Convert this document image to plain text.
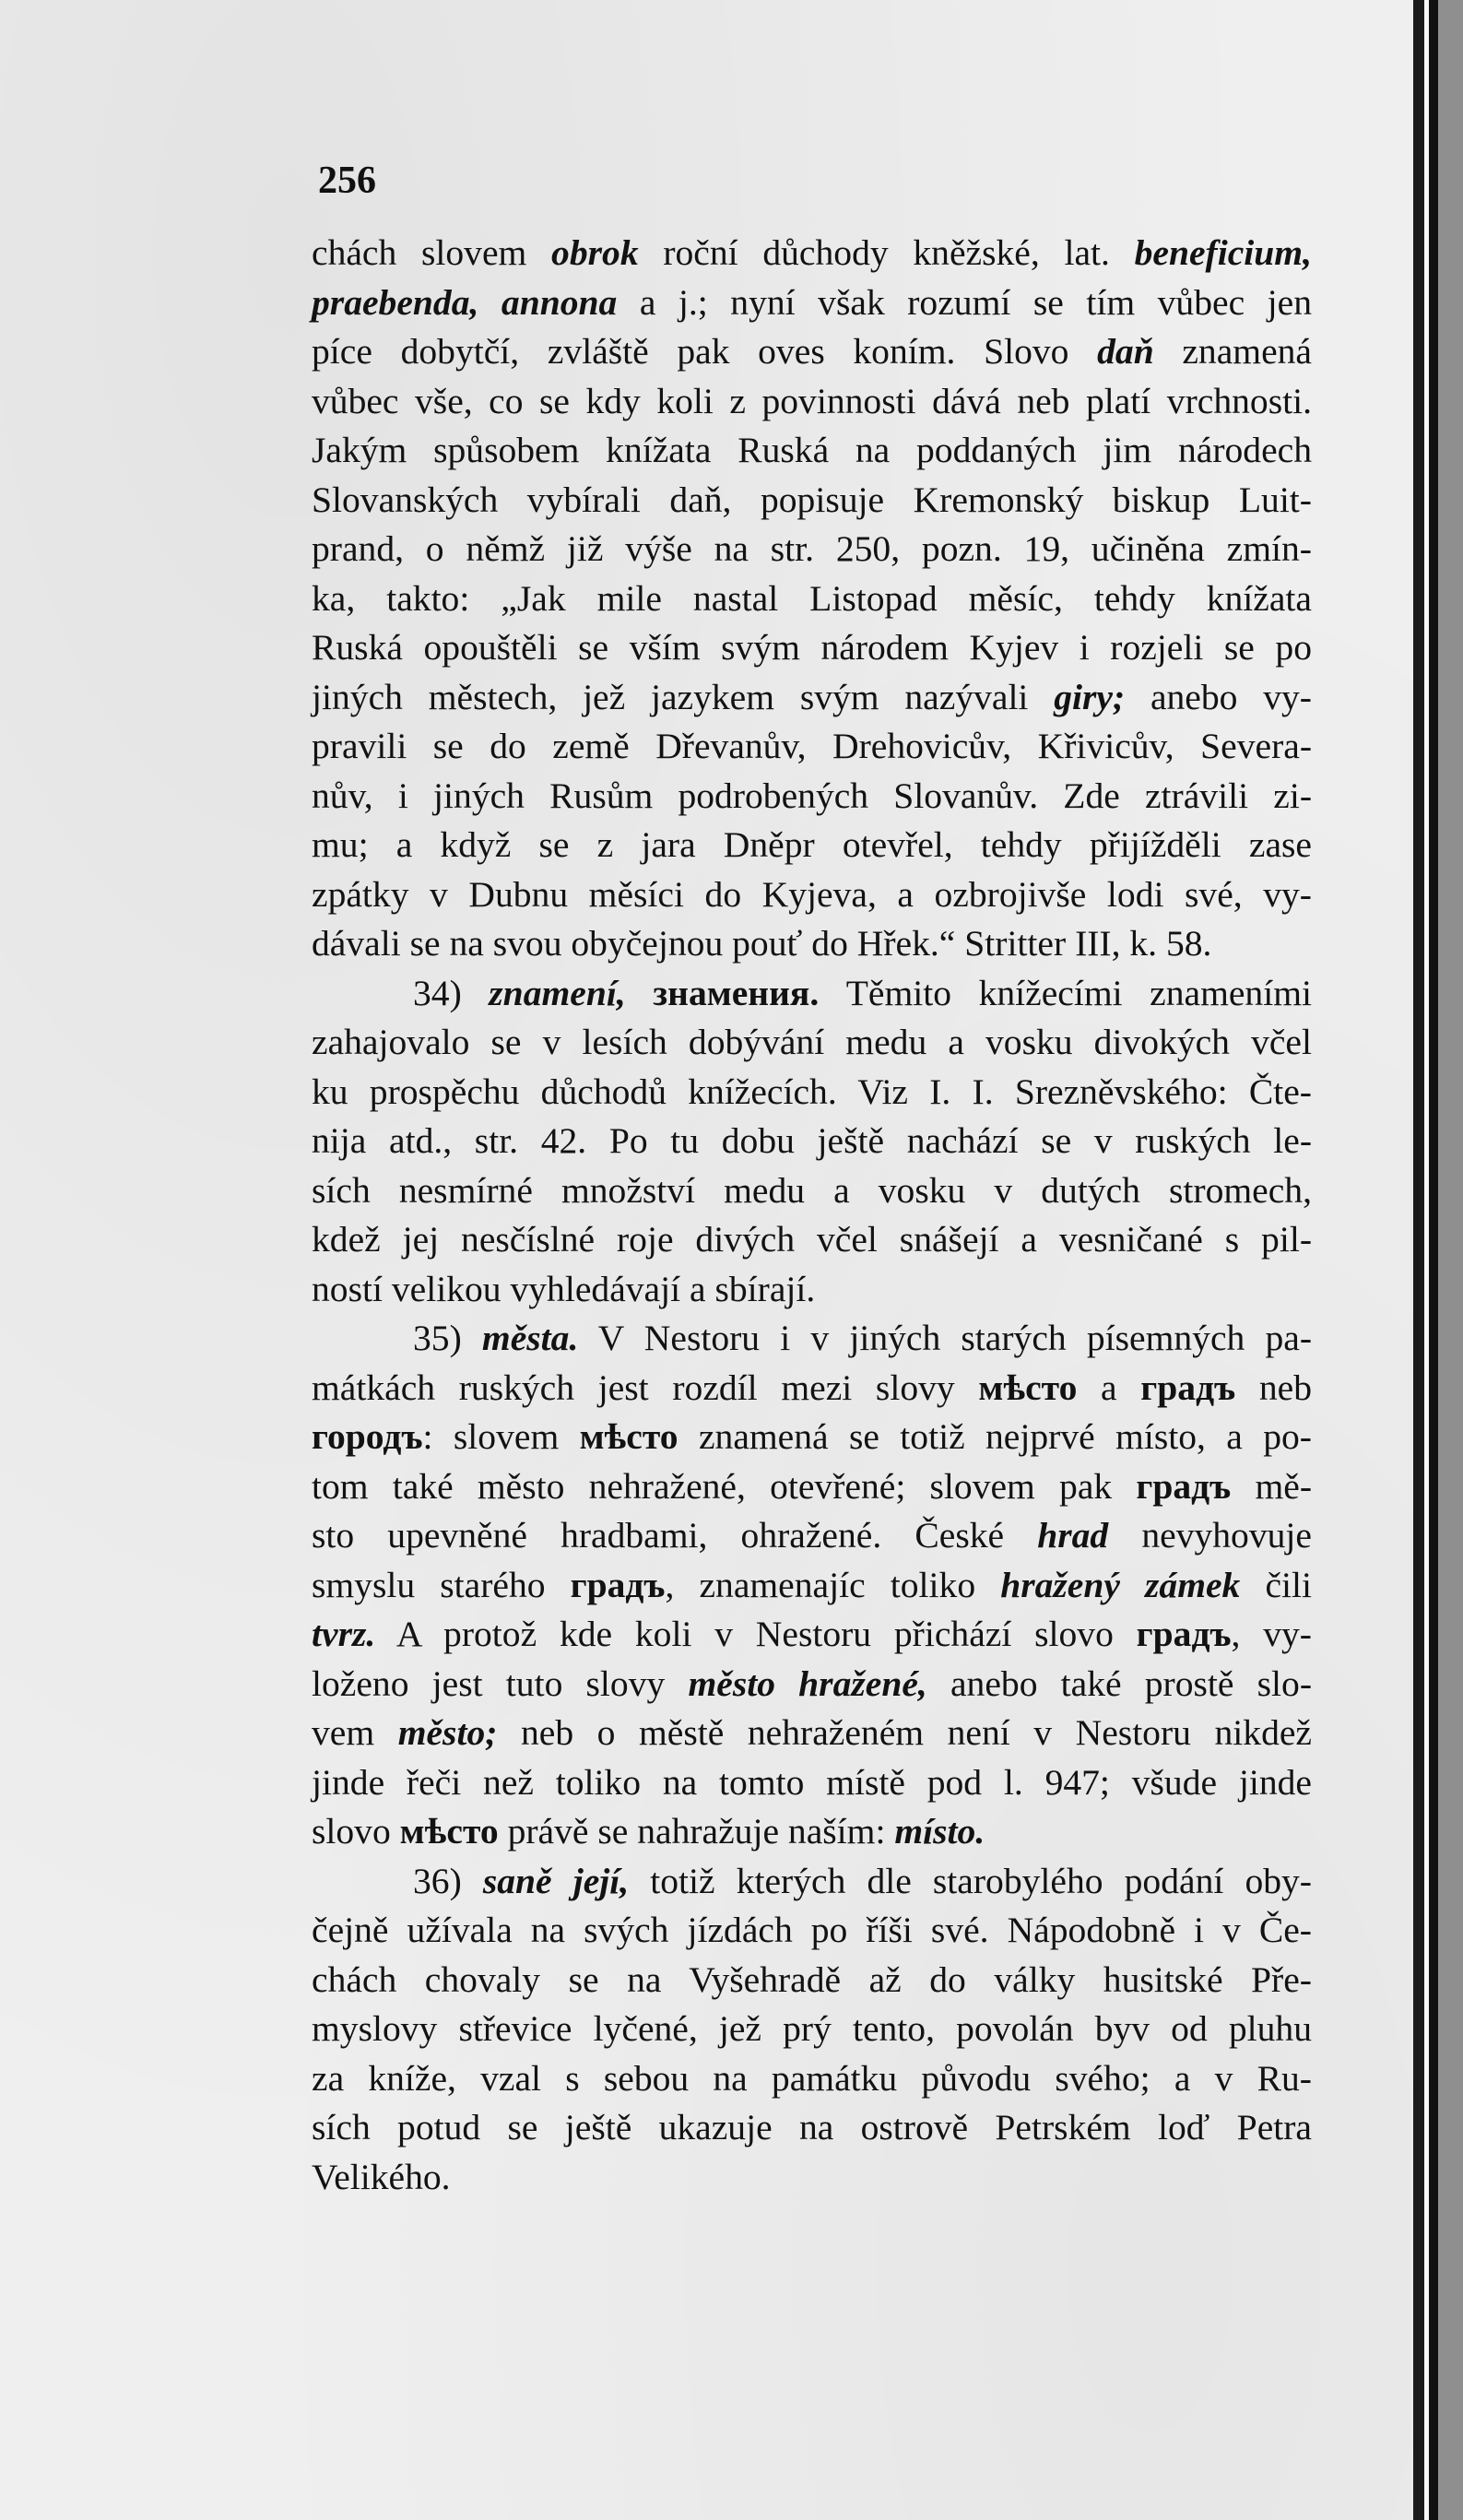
256
chách slovem obrok roční důchody kněžské, lat. beneficium,
praebenda, annona a j.; nyní však rozumí se tím vůbec jen
píce dobytčí, zvláště pak oves koním. Slovo daň znamená
vůbec vše, co se kdy koli z povinnosti dává neb platí vrchnosti.
Jakým spůsobem knížata Ruská na poddaných jim národech
Slovanských vybírali daň, popisuje Kremonský biskup Luit-
prand, o němž již výše na str. 250, pozn. 19, učiněna zmín-
ka, takto: „Jak mile nastal Listopad měsíc, tehdy knížata
Ruská opouštěli se vším svým národem Kyjev i rozjeli se po
jiných městech, jež jazykem svým nazývali giry; anebo vy-
pravili se do země Dřevanův, Drehovicův, Křivicův, Severa-
nův, i jiných Rusům podrobených Slovanův. Zde ztrávili zi-
mu; a když se z jara Dněpr otevřel, tehdy přijížděli zase
zpátky v Dubnu měsíci do Kyjeva, a ozbrojivše lodi své, vy-
dávali se na svou obyčejnou pouť do Hřek.“ Stritter III, k. 58.
34) znamení, знамения. Těmito knížecími znameními
zahajovalo se v lesích dobývání medu a vosku divokých včel
ku prospěchu důchodů knížecích. Viz I. I. Srezněvského: Čte-
nija atd., str. 42. Po tu dobu ještě nachází se v ruských le-
sích nesmírné množství medu a vosku v dutých stromech,
kdež jej nesčíslné roje divých včel snášejí a vesničané s pil-
ností velikou vyhledávají a sbírají.
35) města. V Nestoru i v jiných starých písemných pa-
mátkách ruských jest rozdíl mezi slovy мѣсто a градъ neb
городъ: slovem мѣсто znamená se totiž nejprvé místo, a po-
tom také město nehražené, otevřené; slovem pak градъ mě-
sto upevněné hradbami, ohražené. České hrad nevyhovuje
smyslu starého градъ, znamenajíc toliko hražený zámek čili
tvrz. A protož kde koli v Nestoru přichází slovo градъ, vy-
loženo jest tuto slovy město hražené, anebo také prostě slo-
vem město; neb o městě nehraženém není v Nestoru nikdež
jinde řeči než toliko na tomto místě pod l. 947; všude jinde
slovo мѣсто právě se nahražuje naším: místo.
36) saně její, totiž kterých dle starobylého podání oby-
čejně užívala na svých jízdách po říši své. Nápodobně i v Če-
chách chovaly se na Vyšehradě až do války husitské Pře-
myslovy střevice lyčené, jež prý tento, povolán byv od pluhu
za kníže, vzal s sebou na památku původu svého; a v Ru-
sích potud se ještě ukazuje na ostrově Petrském loď Petra
Velikého.
